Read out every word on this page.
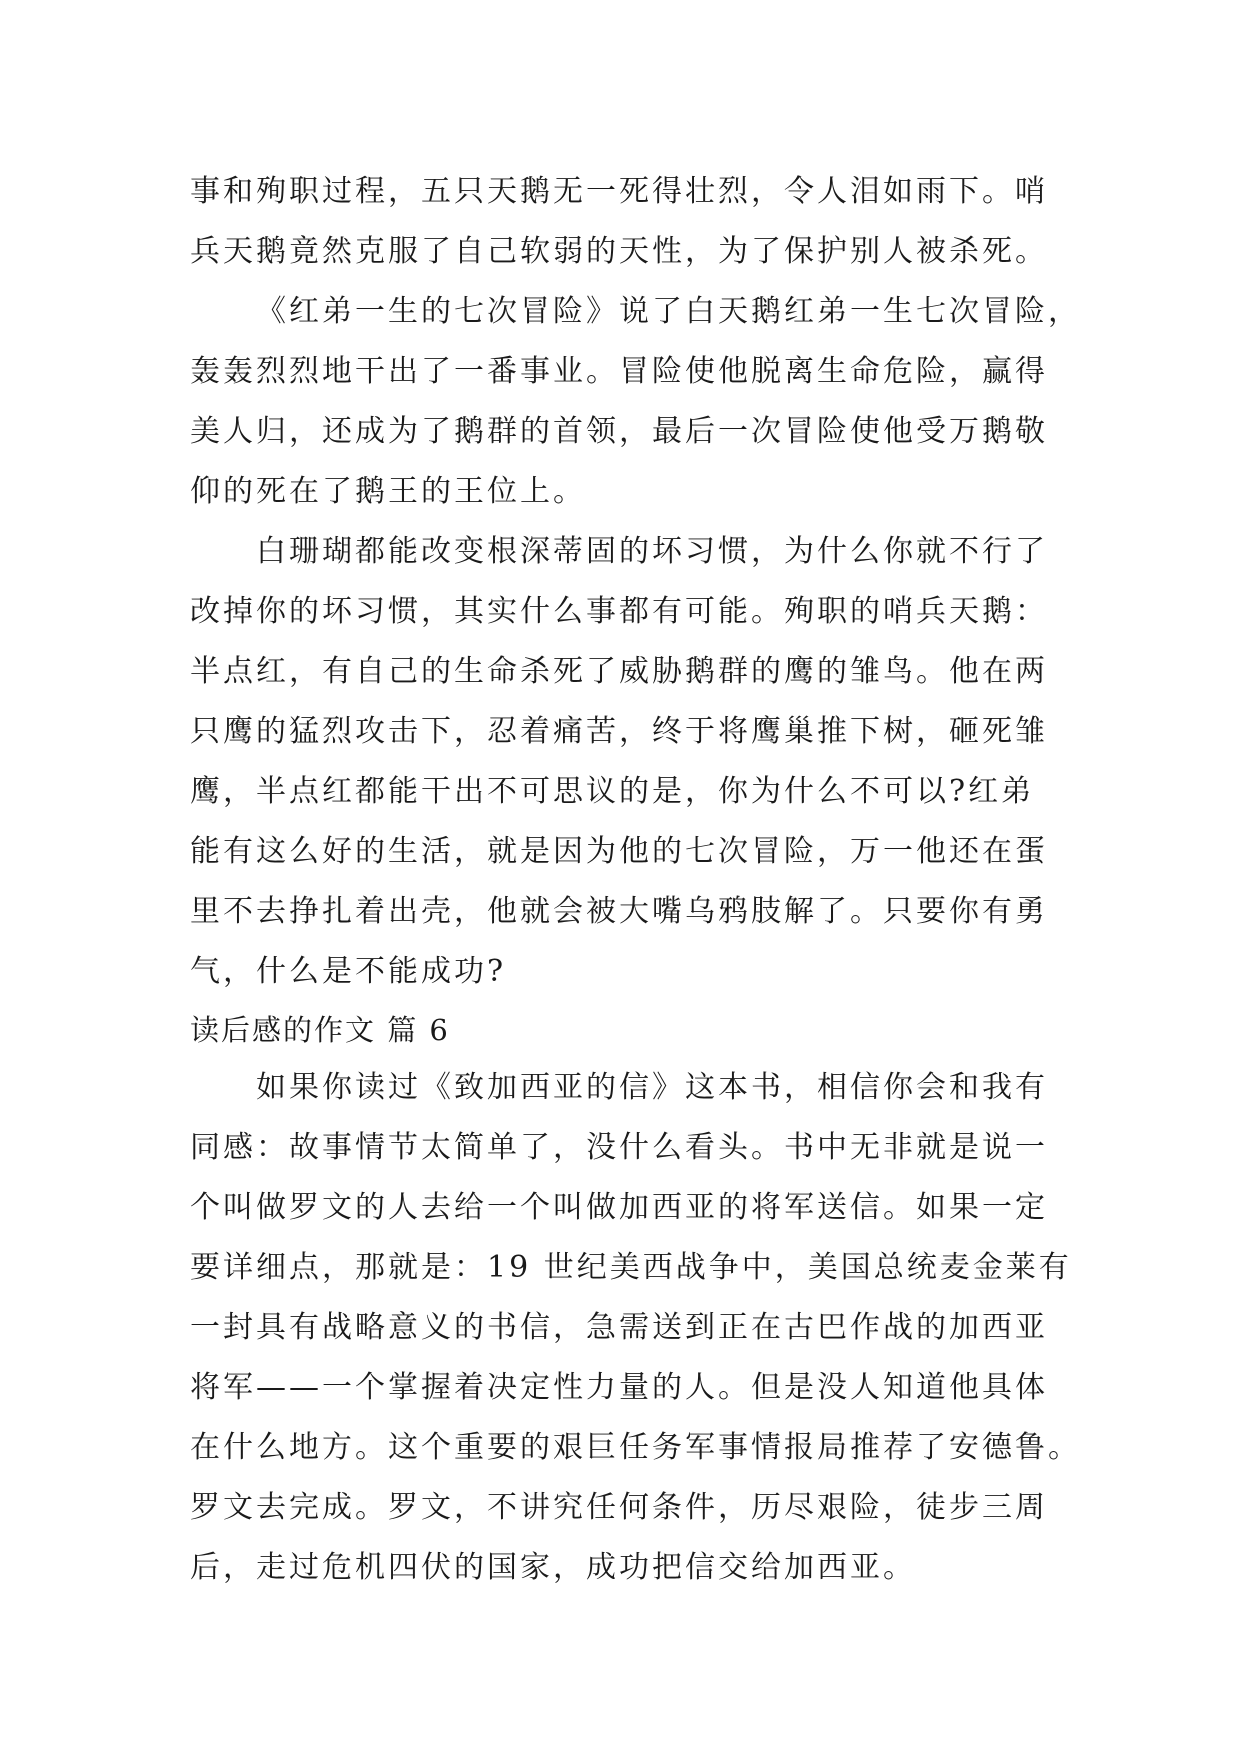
事和殉职过程，五只天鹅无一死得壮烈，令人泪如雨下。哨
兵天鹅竟然克服了自己软弱的天性，为了保护别人被杀死。
《红弟一生的七次冒险》说了白天鹅红弟一生七次冒险，
轰轰烈烈地干出了一番事业。冒险使他脱离生命危险，赢得
美人归，还成为了鹅群的首领，最后一次冒险使他受万鹅敬
仰的死在了鹅王的王位上。
白珊瑚都能改变根深蒂固的坏习惯，为什么你就不行了
改掉你的坏习惯，其实什么事都有可能。殉职的哨兵天鹅：
半点红，有自己的生命杀死了威胁鹅群的鹰的雏鸟。他在两
只鹰的猛烈攻击下，忍着痛苦，终于将鹰巢推下树，砸死雏
鹰，半点红都能干出不可思议的是，你为什么不可以?红弟
能有这么好的生活，就是因为他的七次冒险，万一他还在蛋
里不去挣扎着出壳，他就会被大嘴乌鸦肢解了。只要你有勇
气，什么是不能成功?
读后感的作文 篇 6
如果你读过《致加西亚的信》这本书，相信你会和我有
同感：故事情节太简单了，没什么看头。书中无非就是说一
个叫做罗文的人去给一个叫做加西亚的将军送信。如果一定
要详细点，那就是：19 世纪美西战争中，美国总统麦金莱有
一封具有战略意义的书信，急需送到正在古巴作战的加西亚
将军——一个掌握着决定性力量的人。但是没人知道他具体
在什么地方。这个重要的艰巨任务军事情报局推荐了安德鲁。
罗文去完成。罗文，不讲究任何条件，历尽艰险，徒步三周
后，走过危机四伏的国家，成功把信交给加西亚。
